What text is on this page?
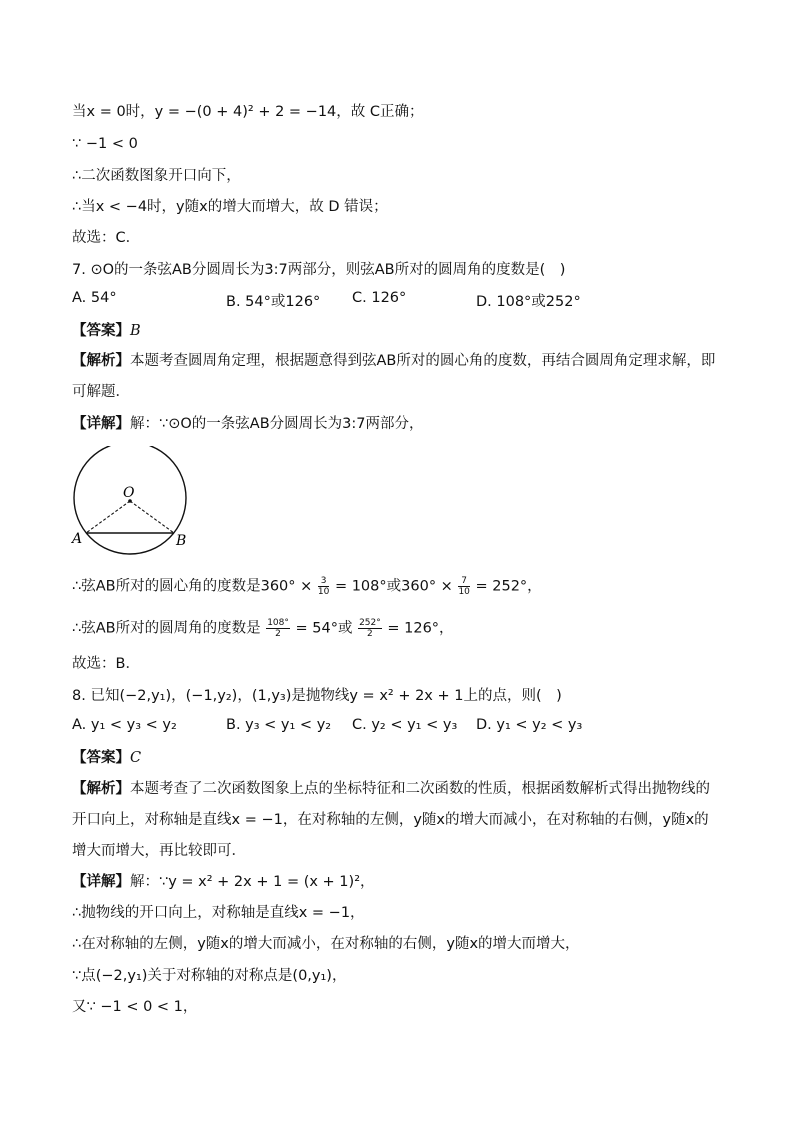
当x = 0时，y = −(0 + 4)² + 2 = −14，故 C正确；
∵ −1 < 0
∴二次函数图象开口向下，
∴当x < −4时，y随x的增大而增大，故 D 错误；
故选：C．
7. ⊙O的一条弦AB分圆周长为3:7两部分，则弦AB所对的圆周角的度数是(　)
A. 54°	B. 54°或126° C. 126°	D. 108°或252°
【答案】B
【解析】本题考查圆周角定理，根据题意得到弦AB所对的圆心角的度数，再结合圆周角定理求解，即可解题．
【详解】解：∵⊙O的一条弦AB分圆周长为3:7两部分，
O
A	B
∴弦AB所对的圆心角的度数是$360^\circ \times \frac{3}{10} = 108^\circ$或$360^\circ \times \frac{7}{10} = 252^\circ$，
∴弦AB所对的圆周角的度数是 $\frac{108^\circ}{2} = 54^\circ$或 $\frac{252^\circ}{2} = 126^\circ$，
故选：B．
8. 已知(−2,y₁)，(−1,y₂)，(1,y₃)是抛物线y = x² + 2x + 1上的点，则(　)
A. y₁ < y₃ < y₂	B. y₃ < y₁ < y₂ C. y₂ < y₁ < y₃ D. y₁ < y₂ < y₃
【答案】C
【解析】本题考查了二次函数图象上点的坐标特征和二次函数的性质，根据函数解析式得出抛物线的开口向上，对称轴是直线x = −1，在对称轴的左侧，y随x的增大而减小，在对称轴的右侧，y随x的增大而增大，再比较即可．
【详解】解：∵y = x² + 2x + 1 = (x + 1)²，
∴抛物线的开口向上，对称轴是直线x = −1，
∴在对称轴的左侧，y随x的增大而减小，在对称轴的右侧，y随x的增大而增大，
∵点(−2,y₁)关于对称轴的对称点是(0,y₁)，
又∵ −1 < 0 < 1，
